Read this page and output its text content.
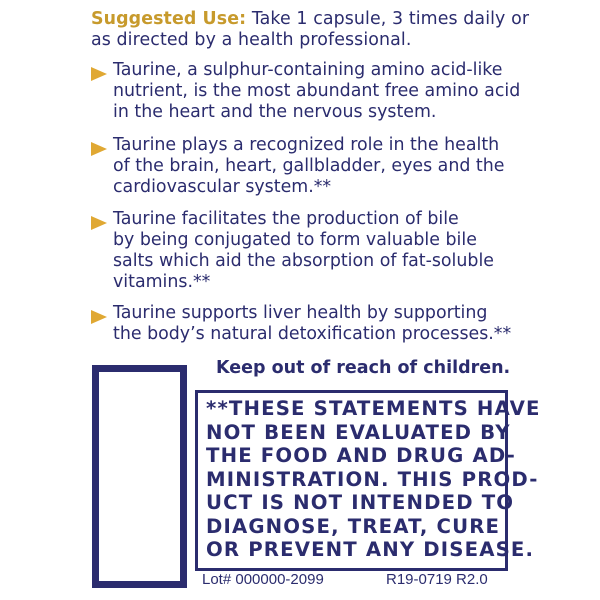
Suggested Use: Take 1 capsule, 3 times daily or
as directed by a health professional.
Taurine, a sulphur-containing amino acid-like
nutrient, is the most abundant free amino acid
in the heart and the nervous system.
Taurine plays a recognized role in the health
of the brain, heart, gallbladder, eyes and the
cardiovascular system.**
Taurine facilitates the production of bile
by being conjugated to form valuable bile
salts which aid the absorption of fat-soluble
vitamins.**
Taurine supports liver health by supporting
the body’s natural detoxification processes.**
Keep out of reach of children.
**THESE STATEMENTS HAVE
NOT BEEN EVALUATED BY
THE FOOD AND DRUG AD-
MINISTRATION. THIS PROD-
UCT IS NOT INTENDED TO
DIAGNOSE, TREAT, CURE
OR PREVENT ANY DISEASE.
Lot# 000000-2099	R19-0719 R2.0
